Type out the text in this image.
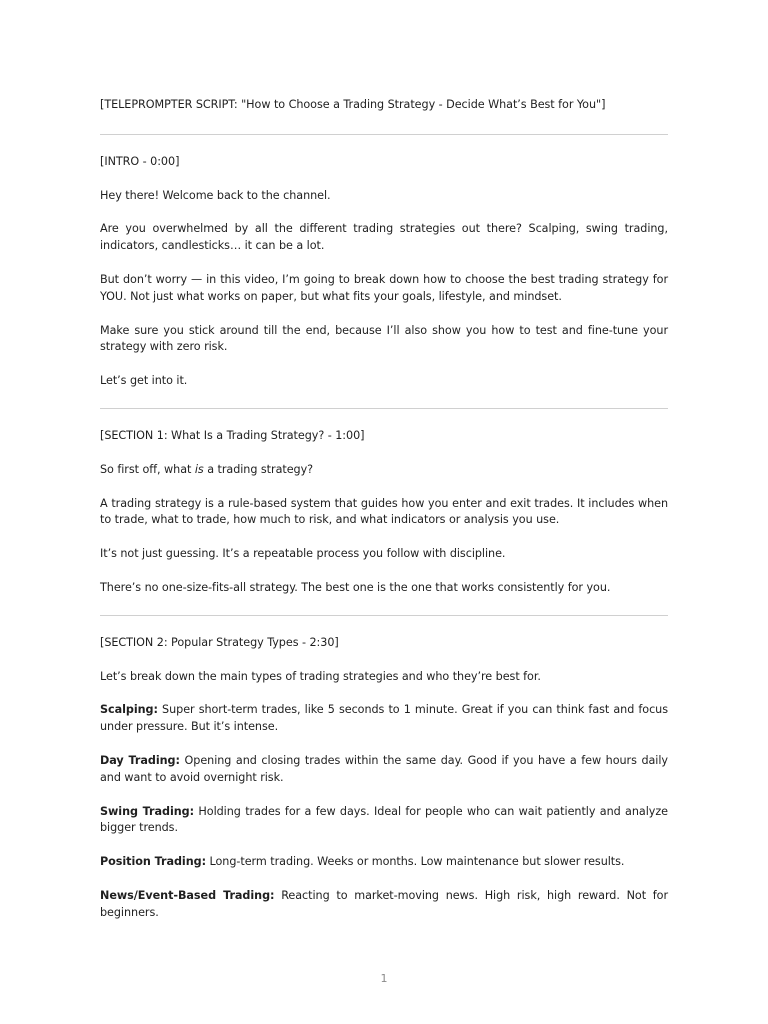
[TELEPROMPTER SCRIPT: "How to Choose a Trading Strategy - Decide What’s Best for You"]

[INTRO - 0:00]

Hey there! Welcome back to the channel.

Are you overwhelmed by all the different trading strategies out there? Scalping, swing trading, indicators, candlesticks… it can be a lot.

But don’t worry — in this video, I’m going to break down how to choose the best trading strategy for YOU. Not just what works on paper, but what fits your goals, lifestyle, and mindset.

Make sure you stick around till the end, because I’ll also show you how to test and fine-tune your strategy with zero risk.

Let’s get into it.

[SECTION 1: What Is a Trading Strategy? - 1:00]

So first off, what is a trading strategy?

A trading strategy is a rule-based system that guides how you enter and exit trades. It includes when to trade, what to trade, how much to risk, and what indicators or analysis you use.

It’s not just guessing. It’s a repeatable process you follow with discipline.

There’s no one-size-fits-all strategy. The best one is the one that works consistently for you.

[SECTION 2: Popular Strategy Types - 2:30]

Let’s break down the main types of trading strategies and who they’re best for.

Scalping: Super short-term trades, like 5 seconds to 1 minute. Great if you can think fast and focus under pressure. But it’s intense.

Day Trading: Opening and closing trades within the same day. Good if you have a few hours daily and want to avoid overnight risk.

Swing Trading: Holding trades for a few days. Ideal for people who can wait patiently and analyze bigger trends.

Position Trading: Long-term trading. Weeks or months. Low maintenance but slower results.

News/Event-Based Trading: Reacting to market-moving news. High risk, high reward. Not for beginners.

1
